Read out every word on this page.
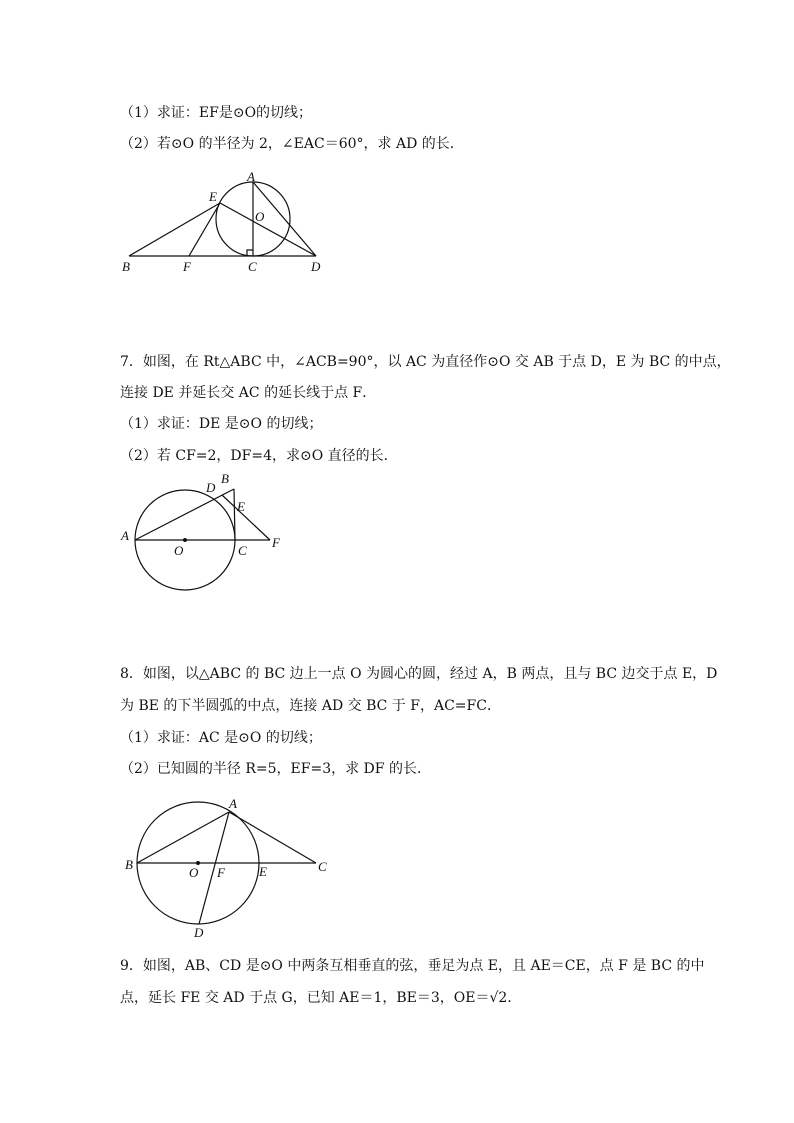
（1）求证：EF是⊙O的切线；
（2）若⊙O 的半径为 2，∠EAC＝60°，求 AD 的长．
A
E
O
B	F	C	D
7．如图，在 Rt△ABC 中，∠ACB=90°，以 AC 为直径作⊙O 交 AB 于点 D，E 为 BC 的中点，
连接 DE 并延长交 AC 的延长线于点 F．
（1）求证：DE 是⊙O 的切线；
（2）若 CF=2，DF=4，求⊙O 直径的长．
D
B
E
A
O	C
F
8．如图，以△ABC 的 BC 边上一点 O 为圆心的圆，经过 A，B 两点，且与 BC 边交于点 E，D
为 BE 的下半圆弧的中点，连接 AD 交 BC 于 F，AC=FC．
（1）求证：AC 是⊙O 的切线；
（2）已知圆的半径 R=5，EF=3，求 DF 的长．
A
B
O F	E	C
D
9．如图，AB、CD 是⊙O 中两条互相垂直的弦，垂足为点 E，且 AE＝CE，点 F 是 BC 的中
点，延长 FE 交 AD 于点 G，已知 AE＝1，BE＝3，OE＝√2．
